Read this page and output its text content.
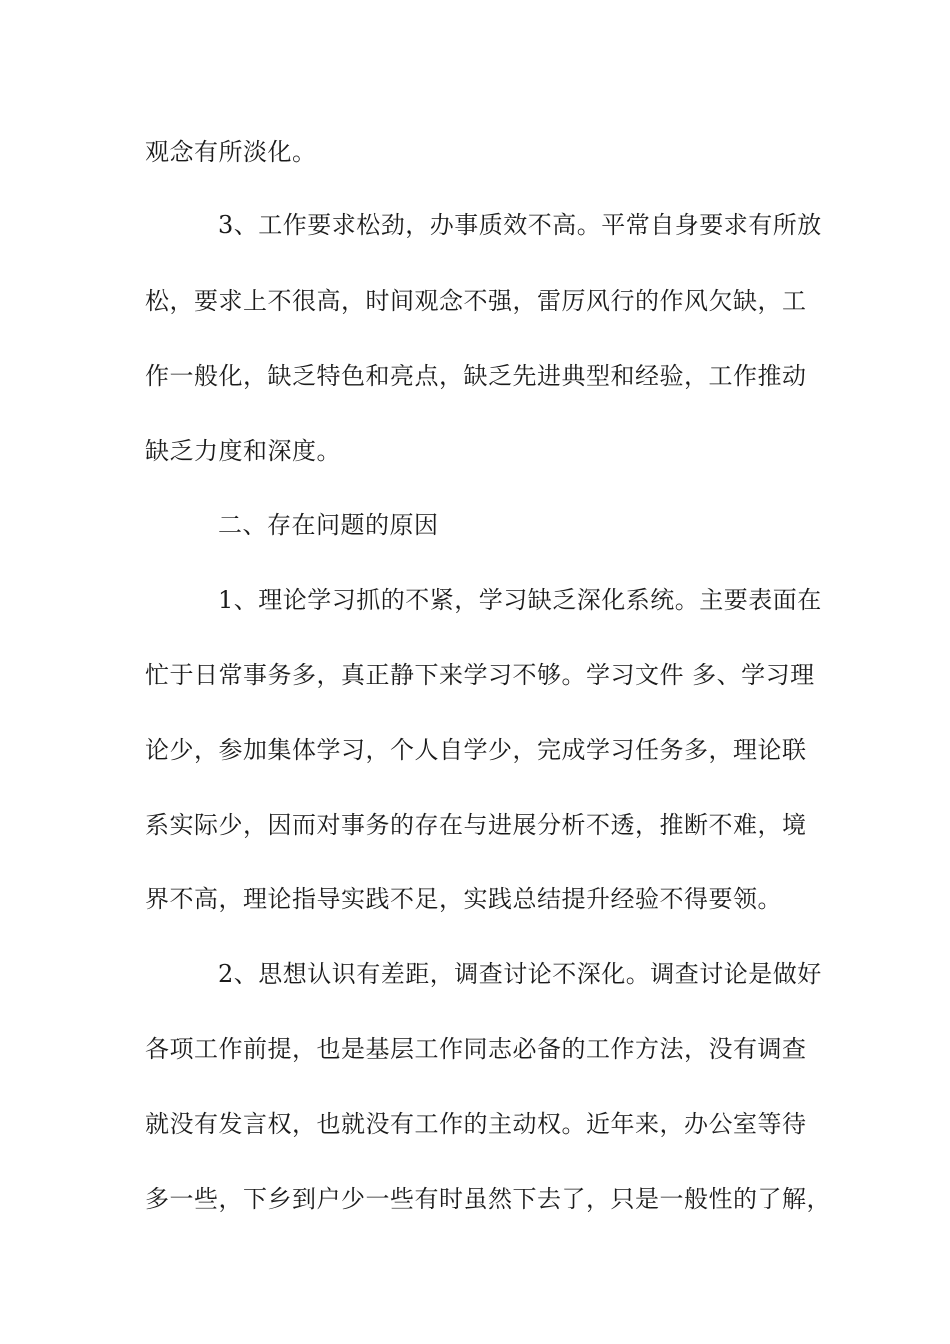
观念有所淡化。
3、工作要求松劲，办事质效不高。平常自身要求有所放
松，要求上不很高，时间观念不强，雷厉风行的作风欠缺，工
作一般化，缺乏特色和亮点，缺乏先进典型和经验，工作推动
缺乏力度和深度。
二、存在问题的原因
1、理论学习抓的不紧，学习缺乏深化系统。主要表面在
忙于日常事务多，真正静下来学习不够。学习文件 多、学习理
论少，参加集体学习，个人自学少，完成学习任务多，理论联
系实际少，因而对事务的存在与进展分析不透，推断不难，境
界不高，理论指导实践不足，实践总结提升经验不得要领。
2、思想认识有差距，调查讨论不深化。调查讨论是做好
各项工作前提，也是基层工作同志必备的工作方法，没有调查
就没有发言权，也就没有工作的主动权。近年来，办公室等待
多一些，下乡到户少一些有时虽然下去了，只是一般性的了解，
